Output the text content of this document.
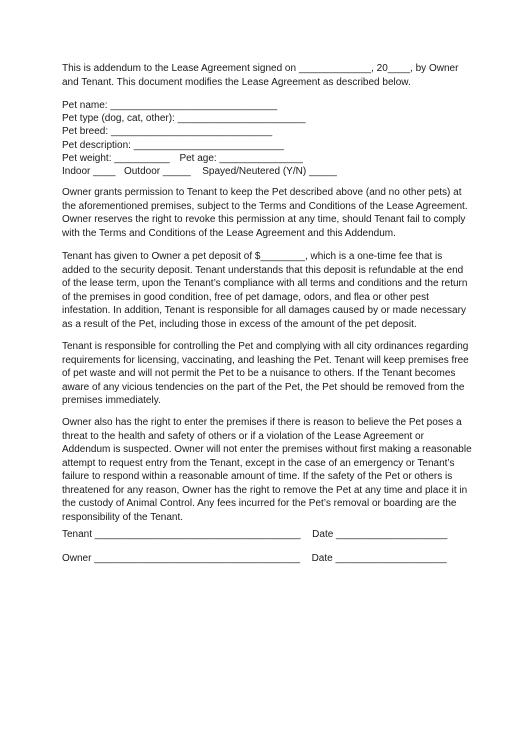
This is addendum to the Lease Agreement signed on _____________, 20____, by Owner and Tenant. This document modifies the Lease Agreement as described below.

Pet name: ______________________________
Pet type (dog, cat, other): _______________________
Pet breed: _____________________________
Pet description: ___________________________
Pet weight: __________ Pet age: _______________
Indoor ____ Outdoor _____ Spayed/Neutered (Y/N) _____

Owner grants permission to Tenant to keep the Pet described above (and no other pets) at the aforementioned premises, subject to the Terms and Conditions of the Lease Agreement. Owner reserves the right to revoke this permission at any time, should Tenant fail to comply with the Terms and Conditions of the Lease Agreement and this Addendum.

Tenant has given to Owner a pet deposit of $________, which is a one-time fee that is added to the security deposit. Tenant understands that this deposit is refundable at the end of the lease term, upon the Tenant’s compliance with all terms and conditions and the return of the premises in good condition, free of pet damage, odors, and flea or other pest infestation. In addition, Tenant is responsible for all damages caused by or made necessary as a result of the Pet, including those in excess of the amount of the pet deposit.

Tenant is responsible for controlling the Pet and complying with all city ordinances regarding requirements for licensing, vaccinating, and leashing the Pet. Tenant will keep premises free of pet waste and will not permit the Pet to be a nuisance to others. If the Tenant becomes aware of any vicious tendencies on the part of the Pet, the Pet should be removed from the premises immediately.

Owner also has the right to enter the premises if there is reason to believe the Pet poses a threat to the health and safety of others or if a violation of the Lease Agreement or Addendum is suspected. Owner will not enter the premises without first making a reasonable attempt to request entry from the Tenant, except in the case of an emergency or Tenant’s failure to respond within a reasonable amount of time. If the safety of the Pet or others is threatened for any reason, Owner has the right to remove the Pet at any time and place it in the custody of Animal Control. Any fees incurred for the Pet’s removal or boarding are the responsibility of the Tenant.

Tenant _____________________________________ Date ____________________
Owner _____________________________________ Date ____________________
